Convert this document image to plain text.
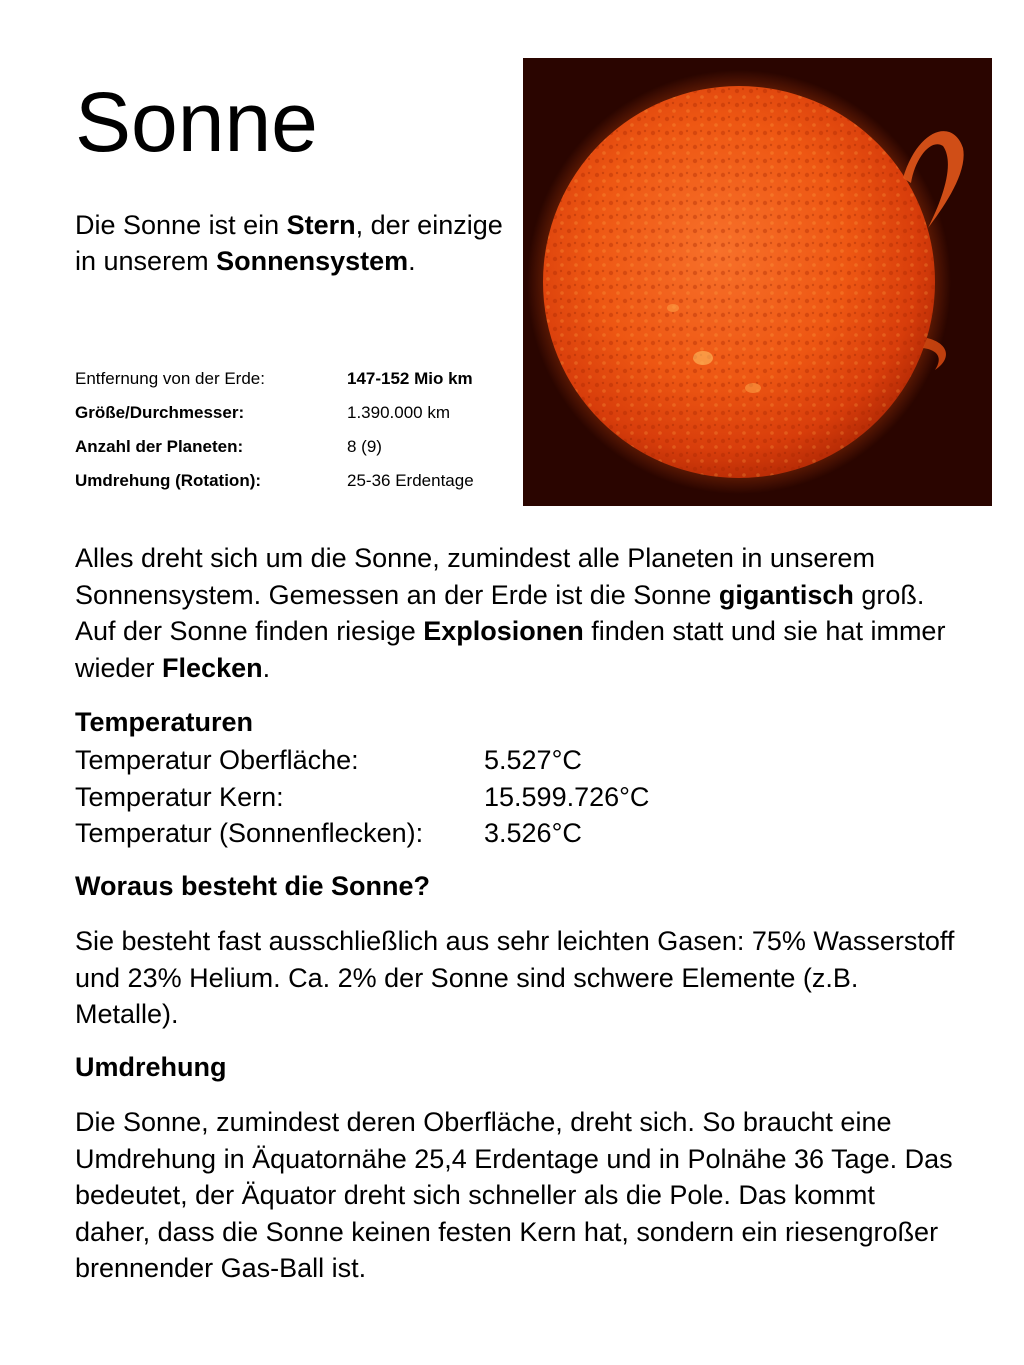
Sonne

Die Sonne ist ein Stern, der einzige in unserem Sonnensystem.

Entfernung von der Erde:	147-152 Mio km
Größe/Durchmesser:	1.390.000 km
Anzahl der Planeten:	8 (9)
Umdrehung (Rotation):	25-36 Erdentage

Alles dreht sich um die Sonne, zumindest alle Planeten in unserem Sonnensystem. Gemessen an der Erde ist die Sonne gigantisch groß. Auf der Sonne finden riesige Explosionen finden statt und sie hat immer wieder Flecken.

Temperaturen
Temperatur Oberfläche:	5.527°C
Temperatur Kern:	15.599.726°C
Temperatur (Sonnenflecken): 3.526°C
Woraus besteht die Sonne?

Sie besteht fast ausschließlich aus sehr leichten Gasen: 75% Wasserstoff und 23% Helium. Ca. 2% der Sonne sind schwere Elemente (z.B. Metalle).

Umdrehung

Die Sonne, zumindest deren Oberfläche, dreht sich. So braucht eine Umdrehung in Äquatornähe 25,4 Erdentage und in Polnähe 36 Tage. Das bedeutet, der Äquator dreht sich schneller als die Pole. Das kommt daher, dass die Sonne keinen festen Kern hat, sondern ein riesengroßer brennender Gas-Ball ist.
